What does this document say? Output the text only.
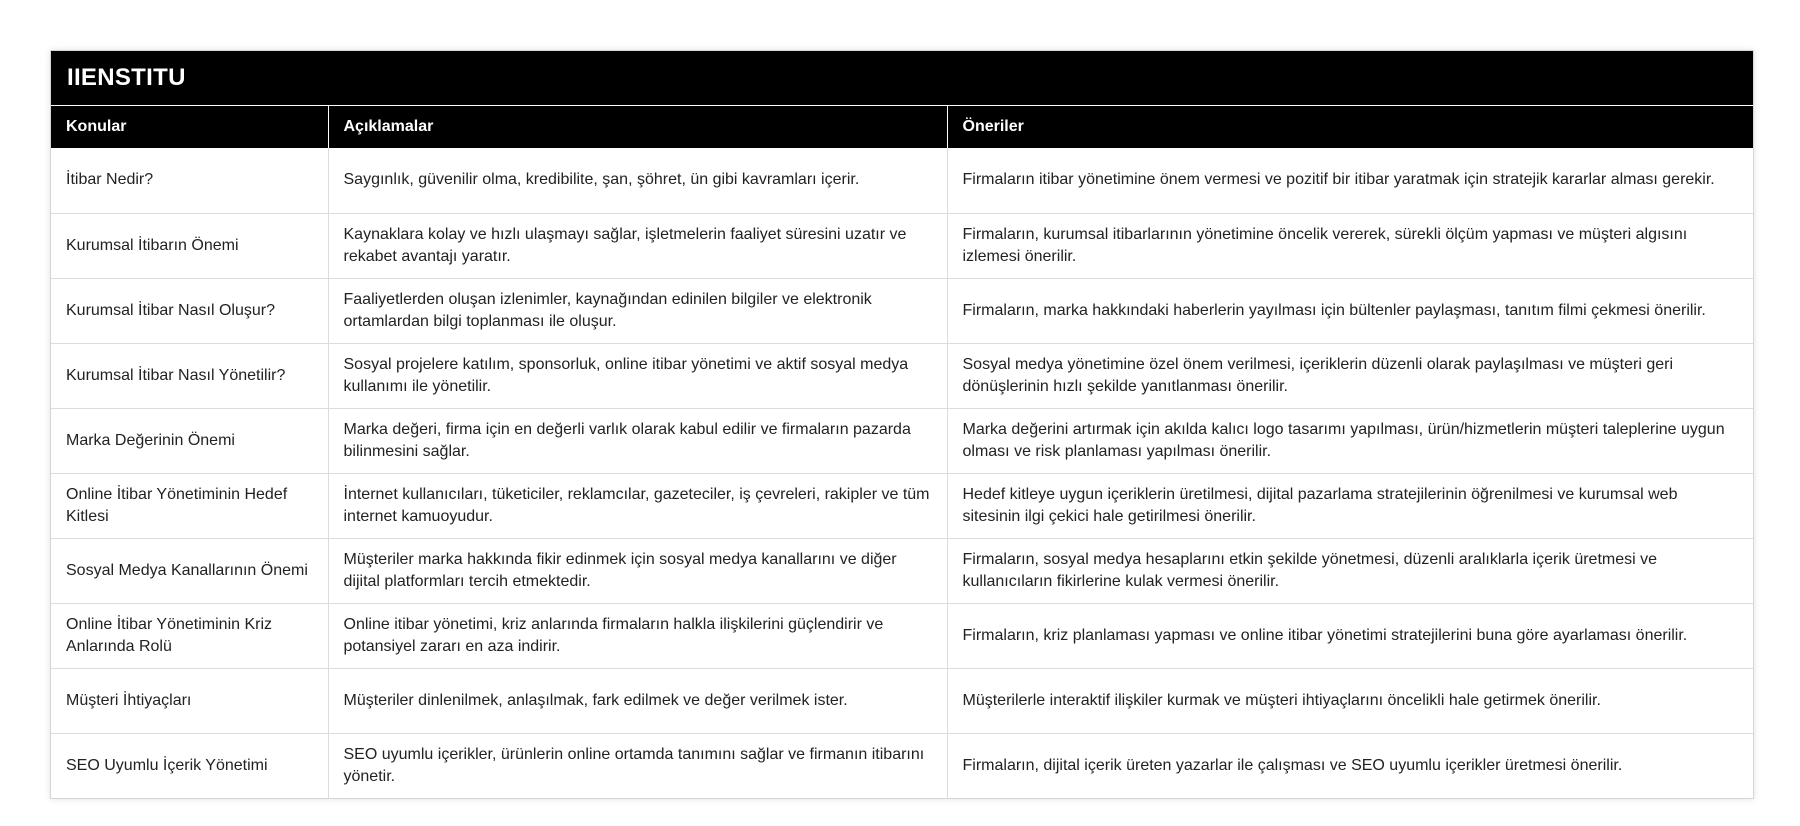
IIENSTITU
Konular	Açıklamalar	Öneriler
İtibar Nedir?	Saygınlık, güvenilir olma, kredibilite, şan, şöhret, ün gibi kavramları içerir.	Firmaların itibar yönetimine önem vermesi ve pozitif bir itibar yaratmak için stratejik kararlar alması gerekir.
Kurumsal İtibarın Önemi	Kaynaklara kolay ve hızlı ulaşmayı sağlar, işletmelerin faaliyet süresini uzatır ve rekabet avantajı yaratır.	Firmaların, kurumsal itibarlarının yönetimine öncelik vererek, sürekli ölçüm yapması ve müşteri algısını izlemesi önerilir.
Kurumsal İtibar Nasıl Oluşur?	Faaliyetlerden oluşan izlenimler, kaynağından edinilen bilgiler ve elektronik ortamlardan bilgi toplanması ile oluşur.	Firmaların, marka hakkındaki haberlerin yayılması için bültenler paylaşması, tanıtım filmi çekmesi önerilir.
Kurumsal İtibar Nasıl Yönetilir?	Sosyal projelere katılım, sponsorluk, online itibar yönetimi ve aktif sosyal medya kullanımı ile yönetilir.	Sosyal medya yönetimine özel önem verilmesi, içeriklerin düzenli olarak paylaşılması ve müşteri geri dönüşlerinin hızlı şekilde yanıtlanması önerilir.
Marka Değerinin Önemi	Marka değeri, firma için en değerli varlık olarak kabul edilir ve firmaların pazarda bilinmesini sağlar.	Marka değerini artırmak için akılda kalıcı logo tasarımı yapılması, ürün/hizmetlerin müşteri taleplerine uygun olması ve risk planlaması yapılması önerilir.
Online İtibar Yönetiminin Hedef Kitlesi	İnternet kullanıcıları, tüketiciler, reklamcılar, gazeteciler, iş çevreleri, rakipler ve tüm internet kamuoyudur.	Hedef kitleye uygun içeriklerin üretilmesi, dijital pazarlama stratejilerinin öğrenilmesi ve kurumsal web sitesinin ilgi çekici hale getirilmesi önerilir.
Sosyal Medya Kanallarının Önemi	Müşteriler marka hakkında fikir edinmek için sosyal medya kanallarını ve diğer dijital platformları tercih etmektedir.	Firmaların, sosyal medya hesaplarını etkin şekilde yönetmesi, düzenli aralıklarla içerik üretmesi ve kullanıcıların fikirlerine kulak vermesi önerilir.
Online İtibar Yönetiminin Kriz Anlarında Rolü	Online itibar yönetimi, kriz anlarında firmaların halkla ilişkilerini güçlendirir ve potansiyel zararı en aza indirir.	Firmaların, kriz planlaması yapması ve online itibar yönetimi stratejilerini buna göre ayarlaması önerilir.
Müşteri İhtiyaçları	Müşteriler dinlenilmek, anlaşılmak, fark edilmek ve değer verilmek ister.	Müşterilerle interaktif ilişkiler kurmak ve müşteri ihtiyaçlarını öncelikli hale getirmek önerilir.
SEO Uyumlu İçerik Yönetimi	SEO uyumlu içerikler, ürünlerin online ortamda tanımını sağlar ve firmanın itibarını yönetir.	Firmaların, dijital içerik üreten yazarlar ile çalışması ve SEO uyumlu içerikler üretmesi önerilir.
